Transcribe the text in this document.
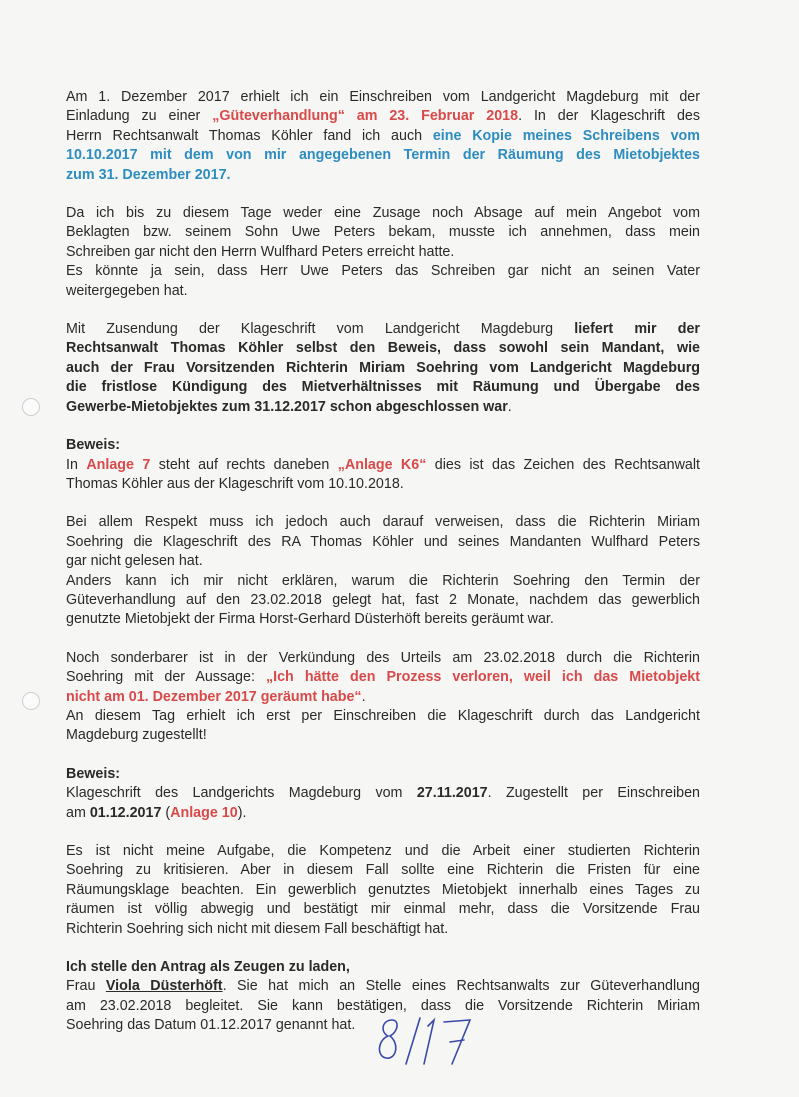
Am 1. Dezember 2017 erhielt ich ein Einschreiben vom Landgericht Magdeburg mit der
Einladung zu einer „Güteverhandlung“ am 23. Februar 2018. In der Klageschrift des
Herrn Rechtsanwalt Thomas Köhler fand ich auch eine Kopie meines Schreibens vom
10.10.2017 mit dem von mir angegebenen Termin der Räumung des Mietobjektes
zum 31. Dezember 2017.
Da ich bis zu diesem Tage weder eine Zusage noch Absage auf mein Angebot vom
Beklagten bzw. seinem Sohn Uwe Peters bekam, musste ich annehmen, dass mein
Schreiben gar nicht den Herrn Wulfhard Peters erreicht hatte.
Es könnte ja sein, dass Herr Uwe Peters das Schreiben gar nicht an seinen Vater
weitergegeben hat.
Mit Zusendung der Klageschrift vom Landgericht Magdeburg liefert mir der
Rechtsanwalt Thomas Köhler selbst den Beweis, dass sowohl sein Mandant, wie
auch der Frau Vorsitzenden Richterin Miriam Soehring vom Landgericht Magdeburg
die fristlose Kündigung des Mietverhältnisses mit Räumung und Übergabe des
Gewerbe-Mietobjektes zum 31.12.2017 schon abgeschlossen war.
Beweis:
In Anlage 7 steht auf rechts daneben „Anlage K6“ dies ist das Zeichen des Rechtsanwalt
Thomas Köhler aus der Klageschrift vom 10.10.2018.
Bei allem Respekt muss ich jedoch auch darauf verweisen, dass die Richterin Miriam
Soehring die Klageschrift des RA Thomas Köhler und seines Mandanten Wulfhard Peters
gar nicht gelesen hat.
Anders kann ich mir nicht erklären, warum die Richterin Soehring den Termin der
Güteverhandlung auf den 23.02.2018 gelegt hat, fast 2 Monate, nachdem das gewerblich
genutzte Mietobjekt der Firma Horst-Gerhard Düsterhöft bereits geräumt war.
Noch sonderbarer ist in der Verkündung des Urteils am 23.02.2018 durch die Richterin
Soehring mit der Aussage: „Ich hätte den Prozess verloren, weil ich das Mietobjekt
nicht am 01. Dezember 2017 geräumt habe“.
An diesem Tag erhielt ich erst per Einschreiben die Klageschrift durch das Landgericht
Magdeburg zugestellt!
Beweis:
Klageschrift des Landgerichts Magdeburg vom 27.11.2017. Zugestellt per Einschreiben
am 01.12.2017 (Anlage 10).
Es ist nicht meine Aufgabe, die Kompetenz und die Arbeit einer studierten Richterin
Soehring zu kritisieren. Aber in diesem Fall sollte eine Richterin die Fristen für eine
Räumungsklage beachten. Ein gewerblich genutztes Mietobjekt innerhalb eines Tages zu
räumen ist völlig abwegig und bestätigt mir einmal mehr, dass die Vorsitzende Frau
Richterin Soehring sich nicht mit diesem Fall beschäftigt hat.
Ich stelle den Antrag als Zeugen zu laden,
Frau Viola Düsterhöft. Sie hat mich an Stelle eines Rechtsanwalts zur Güteverhandlung
am 23.02.2018 begleitet. Sie kann bestätigen, dass die Vorsitzende Richterin Miriam
Soehring das Datum 01.12.2017 genannt hat.
